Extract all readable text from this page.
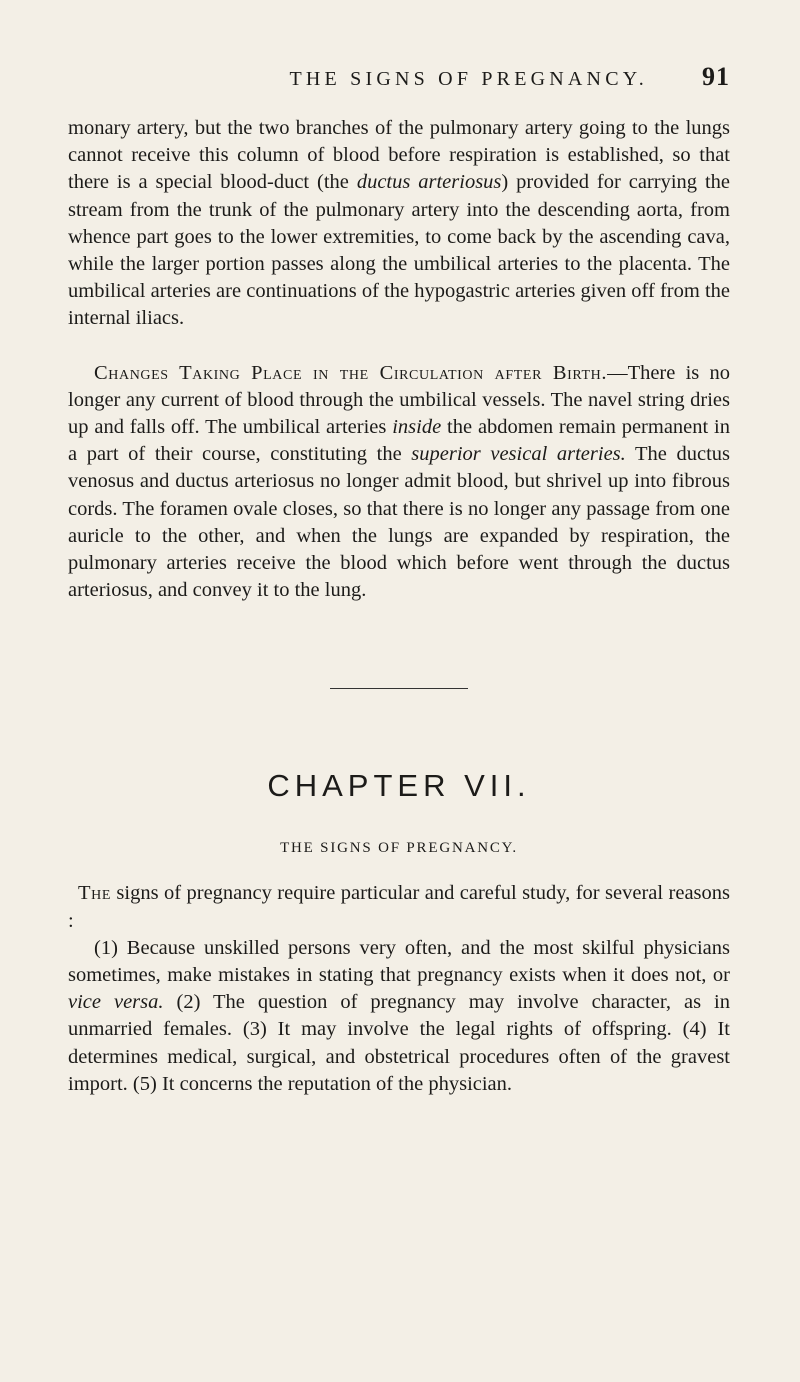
THE SIGNS OF PREGNANCY. 91

monary artery, but the two branches of the pulmonary artery going to the lungs cannot receive this column of blood before respiration is established, so that there is a special blood-duct (the ductus arteriosus) provided for carrying the stream from the trunk of the pulmonary artery into the descending aorta, from whence part goes to the lower extremities, to come back by the ascending cava, while the larger portion passes along the umbilical arteries to the placenta. The umbilical arteries are continuations of the hypogastric arteries given off from the internal iliacs.

Changes Taking Place in the Circulation after Birth.—There is no longer any current of blood through the umbilical vessels. The navel string dries up and falls off. The umbilical arteries inside the abdomen remain permanent in a part of their course, constituting the superior vesical arteries. The ductus venosus and ductus arteriosus no longer admit blood, but shrivel up into fibrous cords. The foramen ovale closes, so that there is no longer any passage from one auricle to the other, and when the lungs are expanded by respiration, the pulmonary arteries receive the blood which before went through the ductus arteriosus, and convey it to the lung.

CHAPTER VII.
THE SIGNS OF PREGNANCY.

The signs of pregnancy require particular and careful study, for several reasons :

(1) Because unskilled persons very often, and the most skilful physicians sometimes, make mistakes in stating that pregnancy exists when it does not, or vice versa. (2) The question of pregnancy may involve character, as in unmarried females. (3) It may involve the legal rights of offspring. (4) It determines medical, surgical, and obstetrical procedures often of the gravest import. (5) It concerns the reputation of the physician.
